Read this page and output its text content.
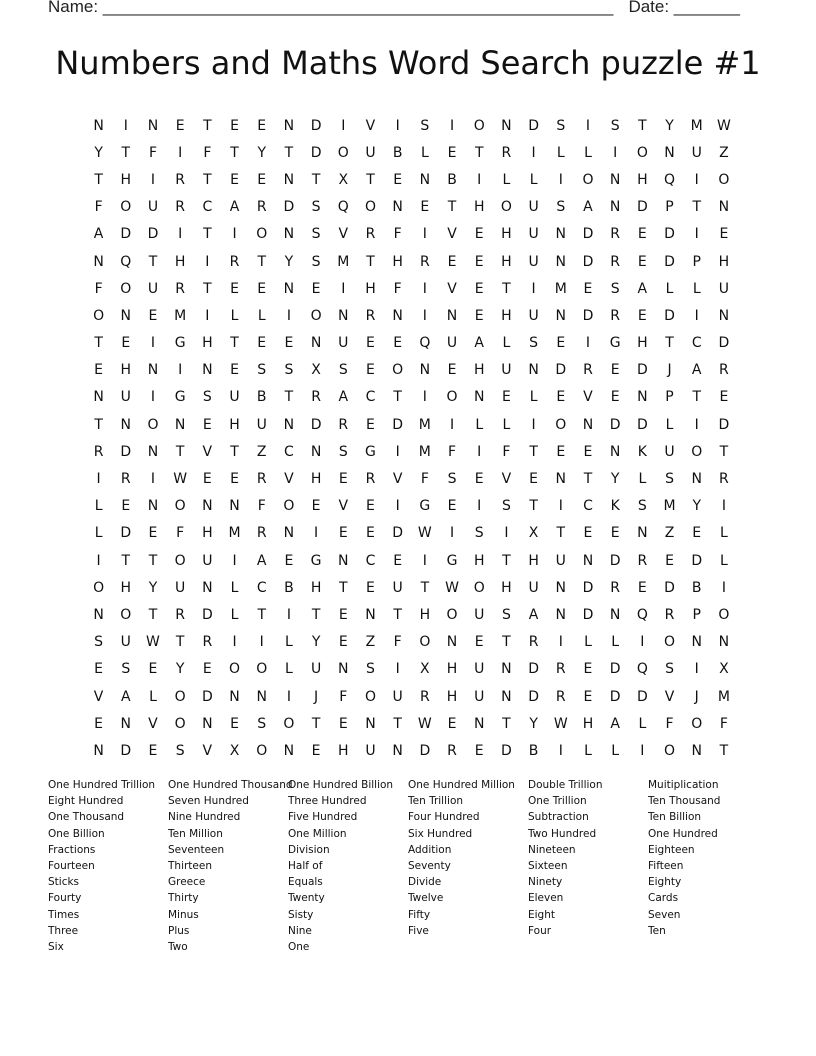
Name: ______________________________________________________ Date: _______
Numbers and Maths Word Search puzzle #1
N	I	N	E	T	E	E	N	D	I	V	I	S	I	O	N	D	S	I	S	T	Y	M	W
Y	T	F	I	F	T	Y	T	D	O	U	B	L	E	T	R	I	L	L	I	O	N	U	Z
T	H	I	R	T	E	E	N	T	X	T	E	N	B	I	L	L	I	O	N	H	Q	I	O
F	O	U	R	C	A	R	D	S	Q	O	N	E	T	H	O	U	S	A	N	D	P	T	N
A	D	D	I	T	I	O	N	S	V	R	F	I	V	E	H	U	N	D	R	E	D	I	E
N	Q	T	H	I	R	T	Y	S	M	T	H	R	E	E	H	U	N	D	R	E	D	P	H
F	O	U	R	T	E	E	N	E	I	H	F	I	V	E	T	I	M	E	S	A	L	L	U
O	N	E	M	I	L	L	I	O	N	R	N	I	N	E	H	U	N	D	R	E	D	I	N
T	E	I	G	H	T	E	E	N	U	E	E	Q	U	A	L	S	E	I	G	H	T	C	D
E	H	N	I	N	E	S	S	X	S	E	O	N	E	H	U	N	D	R	E	D	J	A	R
N	U	I	G	S	U	B	T	R	A	C	T	I	O	N	E	L	E	V	E	N	P	T	E
T	N	O	N	E	H	U	N	D	R	E	D	M	I	L	L	I	O	N	D	D	L	I	D
R	D	N	T	V	T	Z	C	N	S	G	I	M	F	I	F	T	E	E	N	K	U	O	T
I	R	I	W	E	E	R	V	H	E	R	V	F	S	E	V	E	N	T	Y	L	S	N	R
L	E	N	O	N	N	F	O	E	V	E	I	G	E	I	S	T	I	C	K	S	M	Y	I
L	D	E	F	H	M	R	N	I	E	E	D	W	I	S	I	X	T	E	E	N	Z	E	L
I	T	T	O	U	I	A	E	G	N	C	E	I	G	H	T	H	U	N	D	R	E	D	L
O	H	Y	U	N	L	C	B	H	T	E	U	T	W	O	H	U	N	D	R	E	D	B	I
N	O	T	R	D	L	T	I	T	E	N	T	H	O	U	S	A	N	D	N	Q	R	P	O
S	U	W	T	R	I	I	L	Y	E	Z	F	O	N	E	T	R	I	L	L	I	O	N	N
E	S	E	Y	E	O	O	L	U	N	S	I	X	H	U	N	D	R	E	D	Q	S	I	X
V	A	L	O	D	N	N	I	J	F	O	U	R	H	U	N	D	R	E	D	D	V	J	M
E	N	V	O	N	E	S	O	T	E	N	T	W	E	N	T	Y	W	H	A	L	F	O	F
N	D	E	S	V	X	O	N	E	H	U	N	D	R	E	D	B	I	L	L	I	O	N	T
One Hundred Trillion
Eight Hundred
One Thousand
One Billion
Fractions
Fourteen
Sticks
Fourty
Times
Three
Six
One Hundred Thousand
Seven Hundred
Nine Hundred
Ten Million
Seventeen
Thirteen
Greece
Thirty
Minus
Plus
Two
One Hundred Billion
Three Hundred
Five Hundred
One Million
Division
Half of
Equals
Twenty
Sisty
Nine
One
One Hundred Million
Ten Trillion
Four Hundred
Six Hundred
Addition
Seventy
Divide
Twelve
Fifty
Five
Double Trillion
One Trillion
Subtraction
Two Hundred
Nineteen
Sixteen
Ninety
Eleven
Eight
Four
Muitiplication
Ten Thousand
Ten Billion
One Hundred
Eighteen
Fifteen
Eighty
Cards
Seven
Ten
